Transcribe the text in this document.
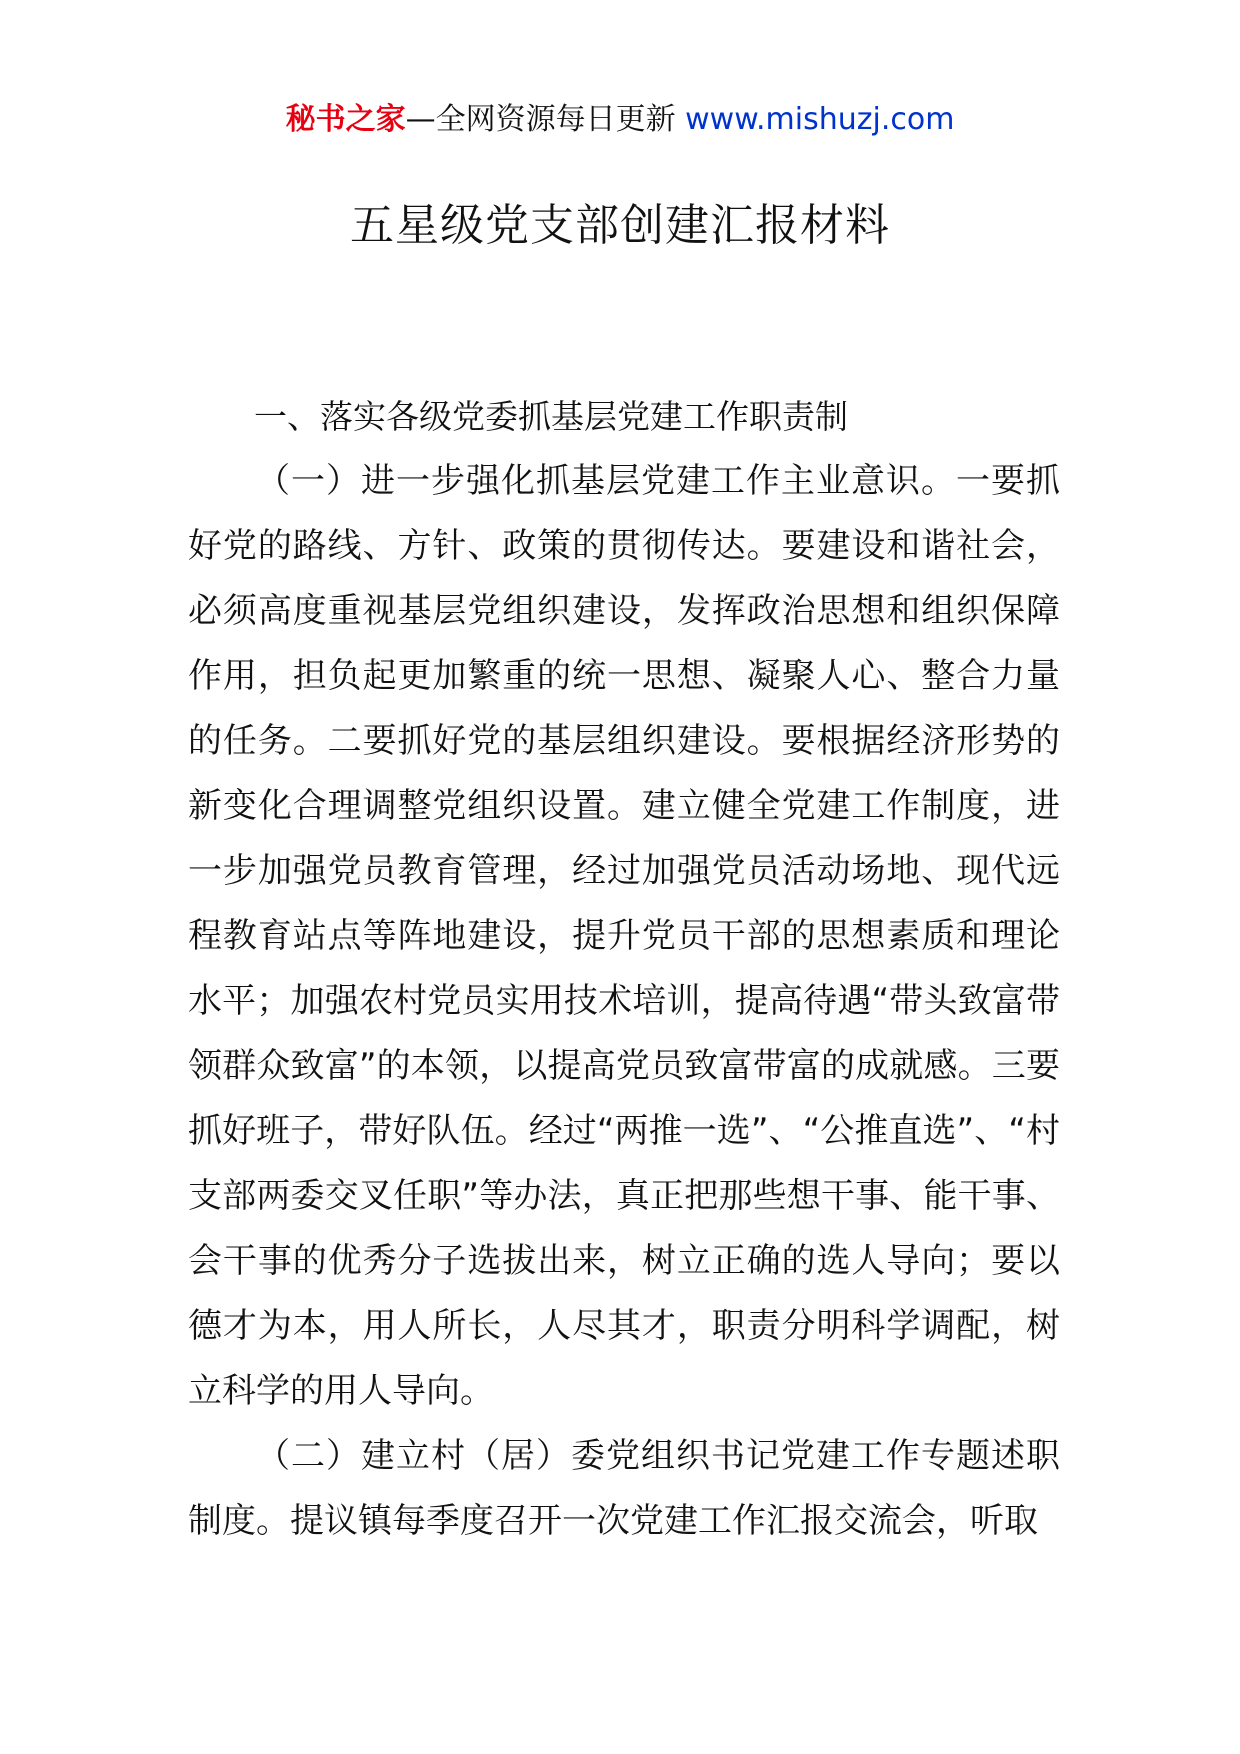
秘书之家—全网资源每日更新 www.mishuzj.com
五星级党支部创建汇报材料

一、落实各级党委抓基层党建工作职责制

（一）进一步强化抓基层党建工作主业意识。一要抓好党的路线、方针、政策的贯彻传达。要建设和谐社会，必须高度重视基层党组织建设，发挥政治思想和组织保障作用，担负起更加繁重的统一思想、凝聚人心、整合力量的任务。二要抓好党的基层组织建设。要根据经济形势的新变化合理调整党组织设置。建立健全党建工作制度，进一步加强党员教育管理，经过加强党员活动场地、现代远程教育站点等阵地建设，提升党员干部的思想素质和理论水平；加强农村党员实用技术培训，提高待遇“带头致富带领群众致富”的本领，以提高党员致富带富的成就感。三要抓好班子，带好队伍。经过“两推一选”、“公推直选”、“村支部两委交叉任职”等办法，真正把那些想干事、能干事、会干事的优秀分子选拔出来，树立正确的选人导向；要以德才为本，用人所长，人尽其才，职责分明科学调配，树立科学的用人导向。

（二）建立村（居）委党组织书记党建工作专题述职制度。提议镇每季度召开一次党建工作汇报交流会，听取
